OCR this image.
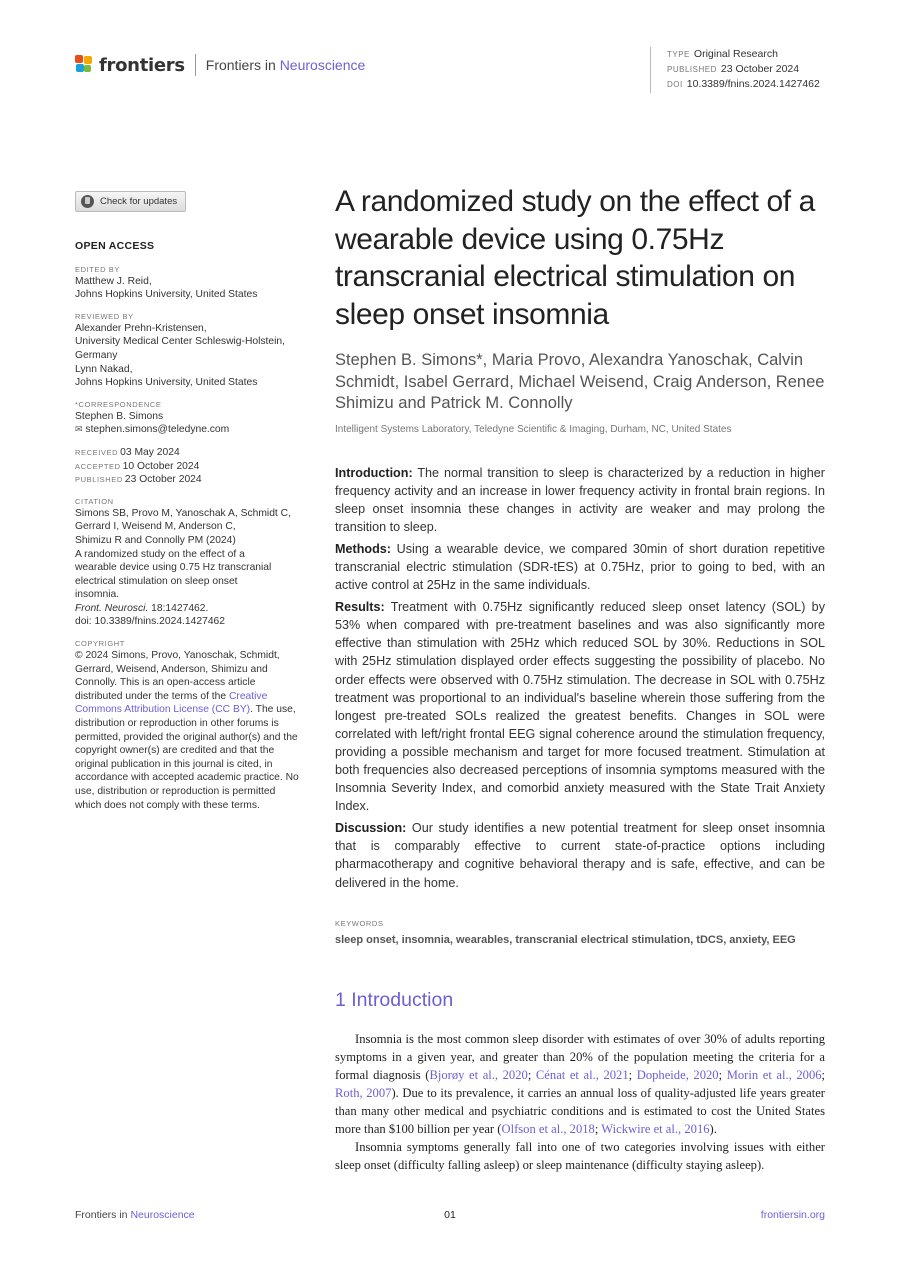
frontiers Frontiers in Neuroscience
TYPE Original Research
PUBLISHED 23 October 2024
DOI 10.3389/fnins.2024.1427462
Check for updates
OPEN ACCESS
EDITED BY
Matthew J. Reid,
Johns Hopkins University, United States
REVIEWED BY
Alexander Prehn-Kristensen,
University Medical Center Schleswig-Holstein,
Germany
Lynn Nakad,
Johns Hopkins University, United States
*CORRESPONDENCE
Stephen B. Simons
✉ stephen.simons@teledyne.com
RECEIVED 03 May 2024
ACCEPTED 10 October 2024
PUBLISHED 23 October 2024
CITATION
Simons SB, Provo M, Yanoschak A, Schmidt C,
Gerrard I, Weisend M, Anderson C,
Shimizu R and Connolly PM (2024)
A randomized study on the effect of a
wearable device using 0.75 Hz transcranial
electrical stimulation on sleep onset
insomnia.
Front. Neurosci. 18:1427462.
doi: 10.3389/fnins.2024.1427462
COPYRIGHT
© 2024 Simons, Provo, Yanoschak, Schmidt, Gerrard, Weisend, Anderson, Shimizu and Connolly. This is an open-access article distributed under the terms of the Creative Commons Attribution License (CC BY). The use, distribution or reproduction in other forums is permitted, provided the original author(s) and the copyright owner(s) are credited and that the original publication in this journal is cited, in accordance with accepted academic practice. No use, distribution or reproduction is permitted which does not comply with these terms.
A randomized study on the effect of a wearable device using 0.75Hz transcranial electrical stimulation on sleep onset insomnia
Stephen B. Simons*, Maria Provo, Alexandra Yanoschak, Calvin Schmidt, Isabel Gerrard, Michael Weisend, Craig Anderson, Renee Shimizu and Patrick M. Connolly
Intelligent Systems Laboratory, Teledyne Scientific & Imaging, Durham, NC, United States

Introduction: The normal transition to sleep is characterized by a reduction in higher frequency activity and an increase in lower frequency activity in frontal brain regions. In sleep onset insomnia these changes in activity are weaker and may prolong the transition to sleep.

Methods: Using a wearable device, we compared 30min of short duration repetitive transcranial electric stimulation (SDR-tES) at 0.75Hz, prior to going to bed, with an active control at 25Hz in the same individuals.

Results: Treatment with 0.75Hz significantly reduced sleep onset latency (SOL) by 53% when compared with pre-treatment baselines and was also significantly more effective than stimulation with 25Hz which reduced SOL by 30%. Reductions in SOL with 25Hz stimulation displayed order effects suggesting the possibility of placebo. No order effects were observed with 0.75Hz stimulation. The decrease in SOL with 0.75Hz treatment was proportional to an individual's baseline wherein those suffering from the longest pre-treated SOLs realized the greatest benefits. Changes in SOL were correlated with left/right frontal EEG signal coherence around the stimulation frequency, providing a possible mechanism and target for more focused treatment. Stimulation at both frequencies also decreased perceptions of insomnia symptoms measured with the Insomnia Severity Index, and comorbid anxiety measured with the State Trait Anxiety Index.

Discussion: Our study identifies a new potential treatment for sleep onset insomnia that is comparably effective to current state-of-practice options including pharmacotherapy and cognitive behavioral therapy and is safe, effective, and can be delivered in the home.

KEYWORDS
sleep onset, insomnia, wearables, transcranial electrical stimulation, tDCS, anxiety, EEG
1 Introduction

Insomnia is the most common sleep disorder with estimates of over 30% of adults reporting symptoms in a given year, and greater than 20% of the population meeting the criteria for a formal diagnosis (Bjorøy et al., 2020; Cénat et al., 2021; Dopheide, 2020; Morin et al., 2006; Roth, 2007). Due to its prevalence, it carries an annual loss of quality-adjusted life years greater than many other medical and psychiatric conditions and is estimated to cost the United States more than $100 billion per year (Olfson et al., 2018; Wickwire et al., 2016).

Insomnia symptoms generally fall into one of two categories involving issues with either sleep onset (difficulty falling asleep) or sleep maintenance (difficulty staying asleep).

Frontiers in Neuroscience	01	frontiersin.org
